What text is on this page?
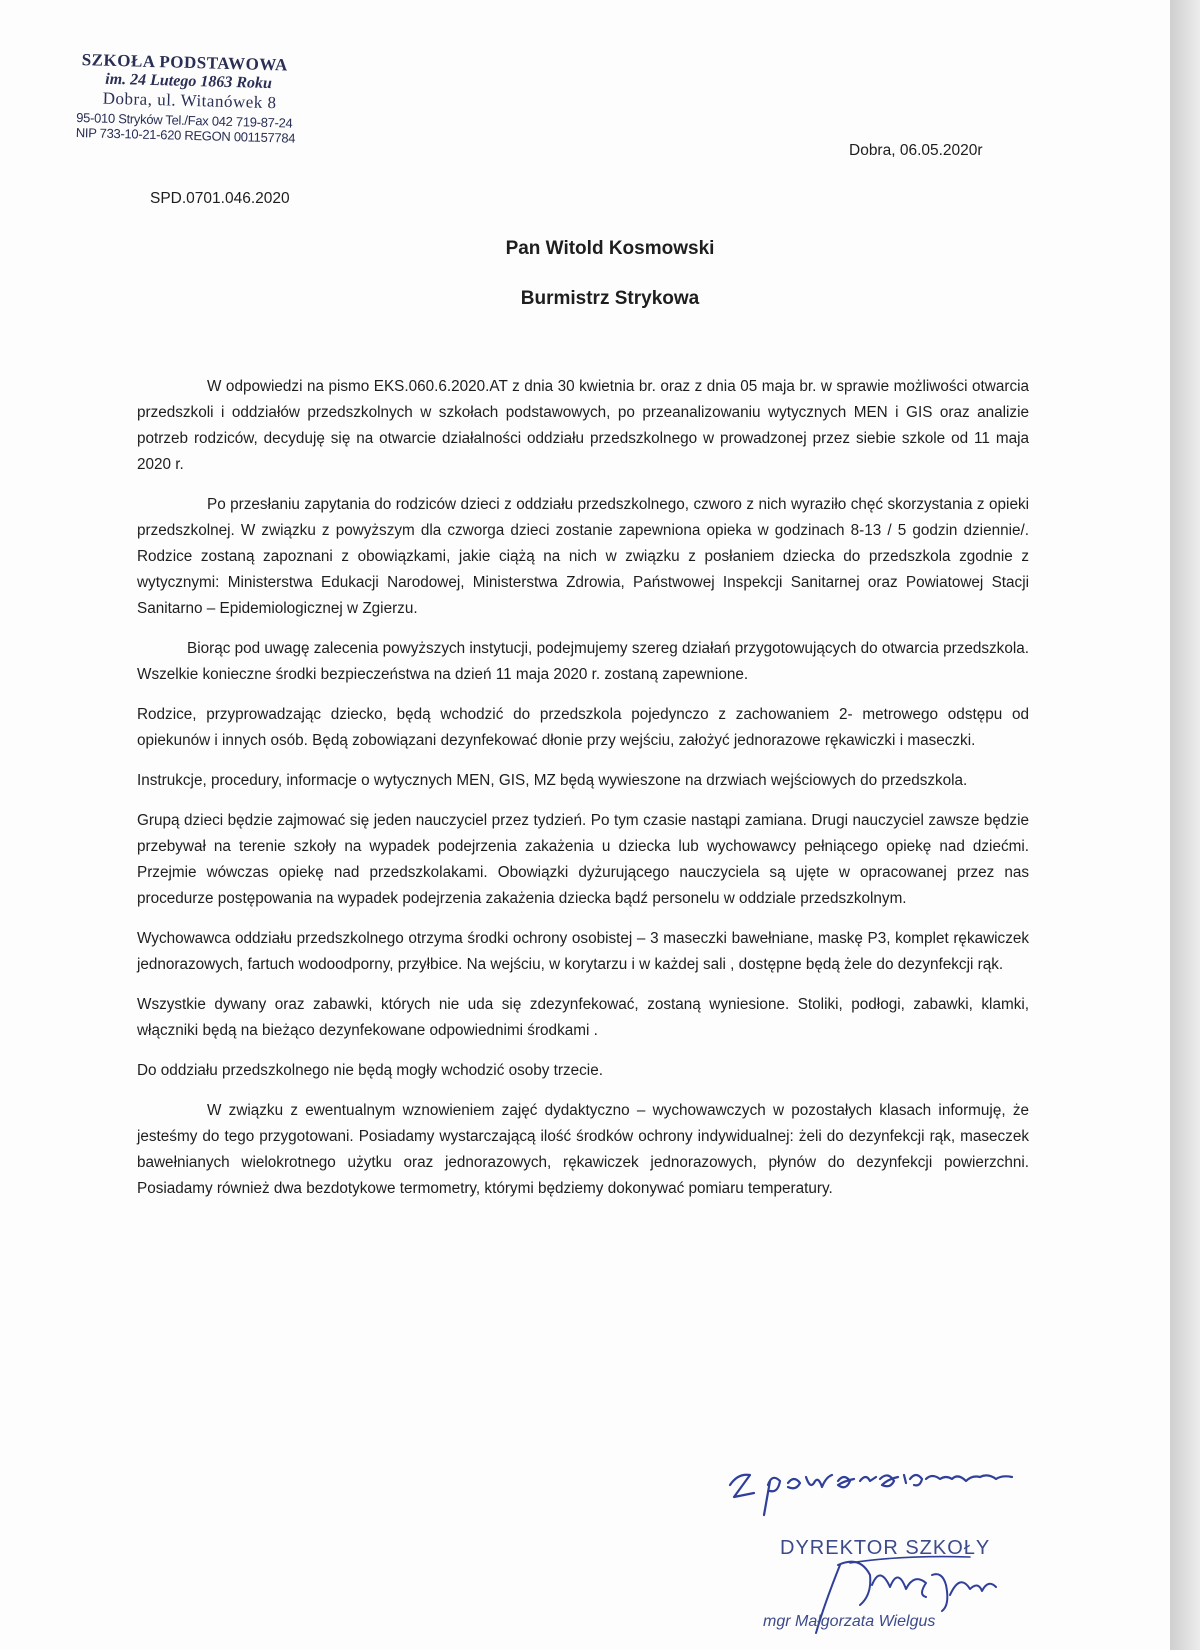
SZKOŁA PODSTAWOWA
im. 24 Lutego 1863 Roku
Dobra, ul. Witanówek 8
95-010 Stryków Tel./Fax 042 719-87-24
NIP 733-10-21-620 REGON 001157784
Dobra, 06.05.2020r
SPD.0701.046.2020
Pan Witold Kosmowski
Burmistrz Strykowa

W odpowiedzi na pismo EKS.060.6.2020.AT z dnia 30 kwietnia br. oraz z dnia 05 maja br. w sprawie możliwości otwarcia przedszkoli i oddziałów przedszkolnych w szkołach podstawowych, po przeanalizowaniu wytycznych MEN i GIS oraz analizie potrzeb rodziców, decyduję się na otwarcie działalności oddziału przedszkolnego w prowadzonej przez siebie szkole od 11 maja 2020 r.

Po przesłaniu zapytania do rodziców dzieci z oddziału przedszkolnego, czworo z nich wyraziło chęć skorzystania z opieki przedszkolnej. W związku z powyższym dla czworga dzieci zostanie zapewniona opieka w godzinach 8-13 / 5 godzin dziennie/. Rodzice zostaną zapoznani z obowiązkami, jakie ciążą na nich w związku z posłaniem dziecka do przedszkola zgodnie z wytycznymi: Ministerstwa Edukacji Narodowej, Ministerstwa Zdrowia, Państwowej Inspekcji Sanitarnej oraz Powiatowej Stacji Sanitarno – Epidemiologicznej w Zgierzu.

Biorąc pod uwagę zalecenia powyższych instytucji, podejmujemy szereg działań przygotowujących do otwarcia przedszkola. Wszelkie konieczne środki bezpieczeństwa na dzień 11 maja 2020 r. zostaną zapewnione.

Rodzice, przyprowadzając dziecko, będą wchodzić do przedszkola pojedynczo z zachowaniem 2- metrowego odstępu od opiekunów i innych osób. Będą zobowiązani dezynfekować dłonie przy wejściu, założyć jednorazowe rękawiczki i maseczki.

Instrukcje, procedury, informacje o wytycznych MEN, GIS, MZ będą wywieszone na drzwiach wejściowych do przedszkola.

Grupą dzieci będzie zajmować się jeden nauczyciel przez tydzień. Po tym czasie nastąpi zamiana. Drugi nauczyciel zawsze będzie przebywał na terenie szkoły na wypadek podejrzenia zakażenia u dziecka lub wychowawcy pełniącego opiekę nad dziećmi. Przejmie wówczas opiekę nad przedszkolakami. Obowiązki dyżurującego nauczyciela są ujęte w opracowanej przez nas procedurze postępowania na wypadek podejrzenia zakażenia dziecka bądź personelu w oddziale przedszkolnym.

Wychowawca oddziału przedszkolnego otrzyma środki ochrony osobistej – 3 maseczki bawełniane, maskę P3, komplet rękawiczek jednorazowych, fartuch wodoodporny, przyłbice. Na wejściu, w korytarzu i w każdej sali , dostępne będą żele do dezynfekcji rąk.

Wszystkie dywany oraz zabawki, których nie uda się zdezynfekować, zostaną wyniesione. Stoliki, podłogi, zabawki, klamki, włączniki będą na bieżąco dezynfekowane odpowiednimi środkami .

Do oddziału przedszkolnego nie będą mogły wchodzić osoby trzecie.

W związku z ewentualnym wznowieniem zajęć dydaktyczno – wychowawczych w pozostałych klasach informuję, że jesteśmy do tego przygotowani. Posiadamy wystarczającą ilość środków ochrony indywidualnej: żeli do dezynfekcji rąk, maseczek bawełnianych wielokrotnego użytku oraz jednorazowych, rękawiczek jednorazowych, płynów do dezynfekcji powierzchni. Posiadamy również dwa bezdotykowe termometry, którymi będziemy dokonywać pomiaru temperatury.

DYREKTOR SZKOŁY
mgr Małgorzata Wielgus
